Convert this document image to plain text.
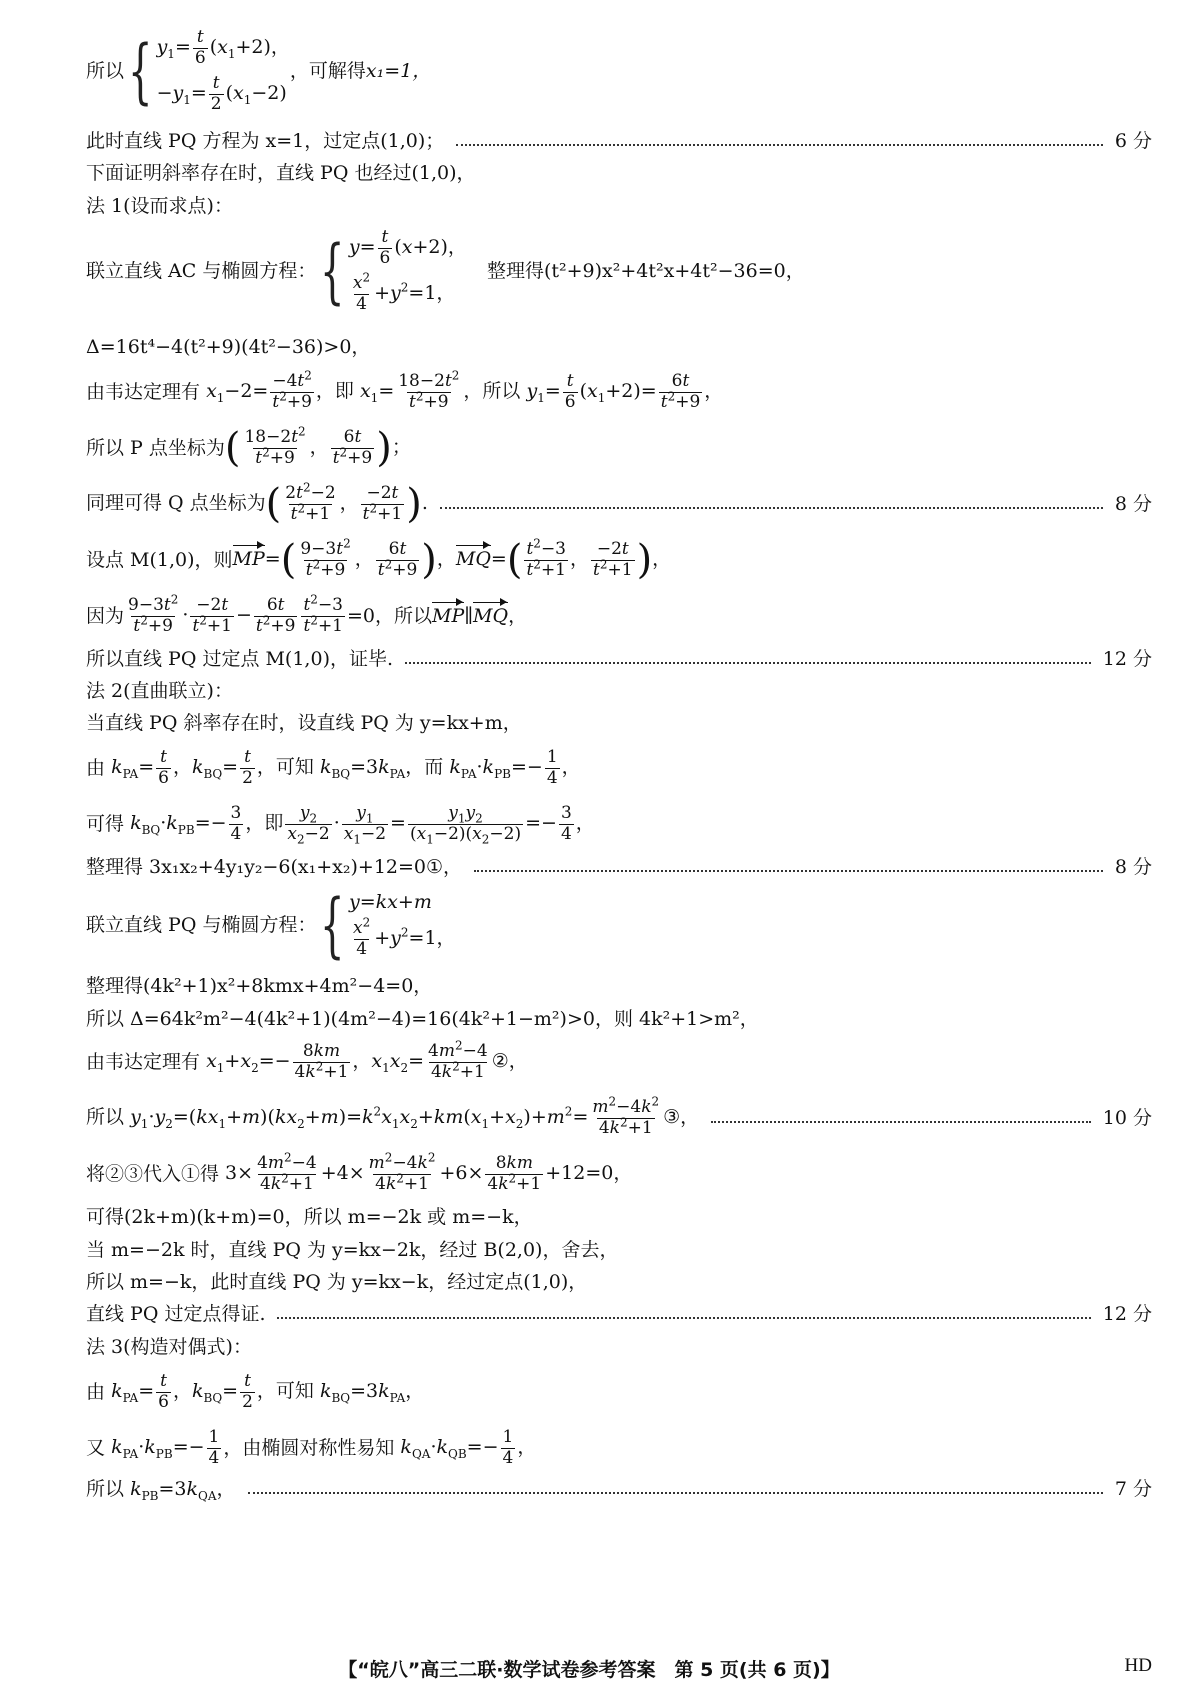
所以 { $y_1= \frac{t}{6} (x_1+2)$，
$-y_1= \frac{t}{2} (x_1-2)$
，可解得 x₁=1，
此时直线 PQ 方程为 x=1，过定点(1,0)；	6 分
下面证明斜率存在时，直线 PQ 也经过(1,0)，
法 1(设而求点)：
联立直线 AC 与椭圆方程： { $y= \frac{t}{6} (x+2)$，
$\frac{x^2}{4} +y^2=1$，
整理得(t²+9)x²+4t²x+4t²−36=0，
Δ=16t⁴−4(t²+9)(4t²−36)>0，
由韦达定理有 $x_1-2= \frac{-4t^2}{t^2+9}$ ，即 $x_1= \frac{18-2t^2}{t^2+9}$ ，所以 $y_1= \frac{t}{6} (x_1+2)= \frac{6t}{t^2+9}$ ，
所以 P 点坐标为 ( $\frac{18-2t^2}{t^2+9}$ ， $\frac{6t}{t^2+9}$ )；
同理可得 Q 点坐标为( $\frac{2t^2-2}{t^2+1}$ ， $\frac{-2t}{t^2+1}$ ).	8 分
设点 M(1,0)，则 $MP=( \frac{9-3t^2}{t^2+9}$ ， $\frac{6t}{t^2+9}$ )，$MQ=( \frac{t^2-3}{t^2+1}$ ， $\frac{-2t}{t^2+1}$ )，
因为 $\frac{9-3t^2}{t^2+9} \cdot \frac{-2t}{t^2+1} - \frac{6t}{t^2+9} \frac{t^2-3}{t^2+1} =0$，所以 MP∥MQ，
所以直线 PQ 过定点 M(1,0)，证毕.	12 分
法 2(直曲联立)：
当直线 PQ 斜率存在时，设直线 PQ 为 y=kx+m，
由 $k_{PA}= \frac{t}{6}$ ，$k_{BQ}= \frac{t}{2}$ ，可知 $k_{BQ}=3k_{PA}$，而 $k_{PA}\cdot k_{PB}=- \frac{1}{4}$ ，
可得 $k_{BQ}\cdot k_{PB}=- \frac{3}{4}$ ，即 $\frac{y_2}{x_2-2} \cdot \frac{y_1}{x_1-2} = \frac{y_1y_2}{(x_1-2)(x_2-2)} =- \frac{3}{4}$ ，
整理得 3x₁x₂+4y₁y₂−6(x₁+x₂)+12=0①，	8 分
联立直线 PQ 与椭圆方程： { y=kx+m
$\frac{x^2}{4} +y^2=1$，
整理得(4k²+1)x²+8kmx+4m²−4=0，
所以 Δ=64k²m²−4(4k²+1)(4m²−4)=16(4k²+1−m²)>0，则 4k²+1>m²，
由韦达定理有 $x_1+x_2=- \frac{8km}{4k^2+1}$ ，$x_1x_2= \frac{4m^2-4}{4k^2+1}$ ②，
所以 $y_1\cdot y_2=(kx_1+m)(kx_2+m)=k^2x_1x_2+km(x_1+x_2)+m^2= \frac{m^2-4k^2}{4k^2+1}$ ③，	10 分
将②③代入①得 $3\times \frac{4m^2-4}{4k^2+1} +4\times \frac{m^2-4k^2}{4k^2+1} +6\times \frac{8km}{4k^2+1} +12=0$，
可得(2k+m)(k+m)=0，所以 m=−2k 或 m=−k，
当 m=−2k 时，直线 PQ 为 y=kx−2k，经过 B(2,0)，舍去，
所以 m=−k，此时直线 PQ 为 y=kx−k，经过定点(1,0)，
直线 PQ 过定点得证.	12 分
法 3(构造对偶式)：
由 $k_{PA}= \frac{t}{6}$ ，$k_{BQ}= \frac{t}{2}$ ，可知 $k_{BQ}=3k_{PA}$，
又 $k_{PA}\cdot k_{PB}=- \frac{1}{4}$ ，由椭圆对称性易知 $k_{QA}\cdot k_{QB}=- \frac{1}{4}$ ，
所以 $k_{PB}=3k_{QA}$，	7 分
【“皖八”高三二联·数学试卷参考答案　第 5 页(共 6 页)】	HD
